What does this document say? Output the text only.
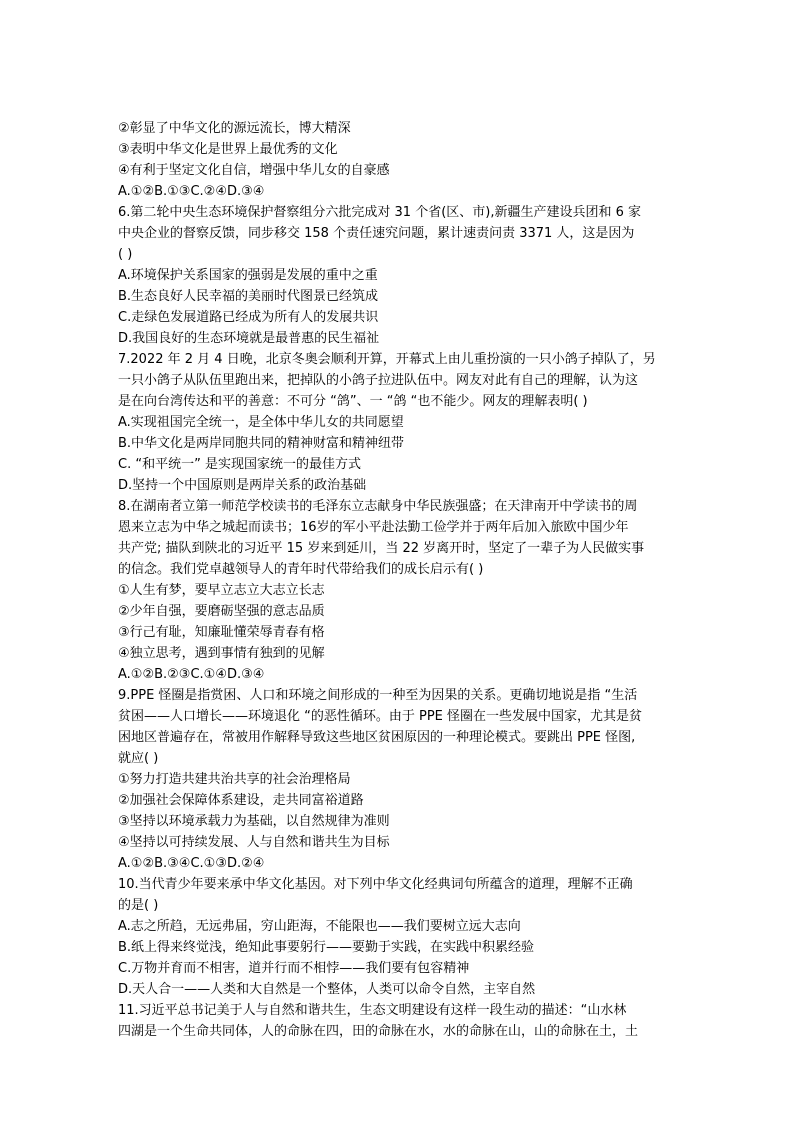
②彰显了中华文化的源远流长，博大精深
③表明中华文化是世界上最优秀的文化
④有利于坚定文化自信，增强中华儿女的自豪感
A.①②B.①③C.②④D.③④
6.第二轮中央生态环境保护督察组分六批完成对 31 个省(区、市),新疆生产建设兵团和 6 家
中央企业的督察反馈，同步移交 158 个责任速究问题，累计速责问责 3371 人，这是因为
( )
A.环境保护关系国家的强弱是发展的重中之重
B.生态良好人民幸福的美丽时代图景已经筑成
C.走绿色发展道路已经成为所有人的发展共识
D.我国良好的生态环境就是最普惠的民生福祉
7.2022 年 2 月 4 日晚，北京冬奥会顺利开算，开幕式上由儿重扮演的一只小鸽子掉队了，另
一只小鸽子从队伍里跑出来，把掉队的小鸽子拉进队伍中。网友对此有自己的理解，认为这
是在向台湾传达和平的善意：不可分 “鸽”、一 “鸽 “也不能少。网友的理解表明( )
A.实现祖国完全统一，是全体中华儿女的共同愿望
B.中华文化是两岸同胞共同的精神财富和精神纽带
C. “和平统一” 是实现国家统一的最佳方式
D.坚持一个中国原则是两岸关系的政治基础
8.在湖南者立第一师范学校读书的毛泽东立志献身中华民族强盛；在天津南开中学读书的周
恩来立志为中华之城起而读书；16岁的军小平赴法勤工俭学并于两年后加入旅欧中国少年
共产党; 描队到陕北的习近平 15 岁来到延川，当 22 岁离开时，坚定了一辈子为人民做实事
的信念。我们党卓越领导人的青年时代带给我们的成长启示有( )
①人生有梦，要早立志立大志立长志
②少年自强，要磨砺坚强的意志品质
③行己有耻，知廉耻懂荣辱青春有格
④独立思考，遇到事情有独到的见解
A.①②B.②③C.①④D.③④
9.PPE 怪圈是指赏困、人口和环境之间形成的一种至为因果的关系。更确切地说是指 “生活
贫困——人口增长——环境退化 “的恶性循环。由于 PPE 怪圈在一些发展中国家，尤其是贫
困地区普遍存在，常被用作解释导致这些地区贫困原因的一种理论模式。要跳出 PPE 怪图,
就应( )
①努力打造共建共治共享的社会治理格局
②加强社会保障体系建设，走共同富裕道路
③坚持以环境承载力为基础，以自然规律为准则
④坚持以可持续发展、人与自然和谐共生为目标
A.①②B.③④C.①③D.②④
10.当代青少年要来承中华文化基因。对下列中华文化经典词句所蕴含的道理，理解不正确
的是( )
A.志之所趋，无远弗届，穷山距海，不能限也——我们要树立远大志向
B.纸上得来终觉浅，绝知此事要躬行——要勤于实践，在实践中积累经验
C.万物并育而不相害，道并行而不相悖——我们要有包容精神
D.天人合一——人类和大自然是一个整体，人类可以命令自然，主宰自然
11.习近平总书记美于人与自然和谐共生，生态文明建设有这样一段生动的描述：“山水林
四湖是一个生命共同体，人的命脉在四，田的命脉在水，水的命脉在山，山的命脉在土，土
